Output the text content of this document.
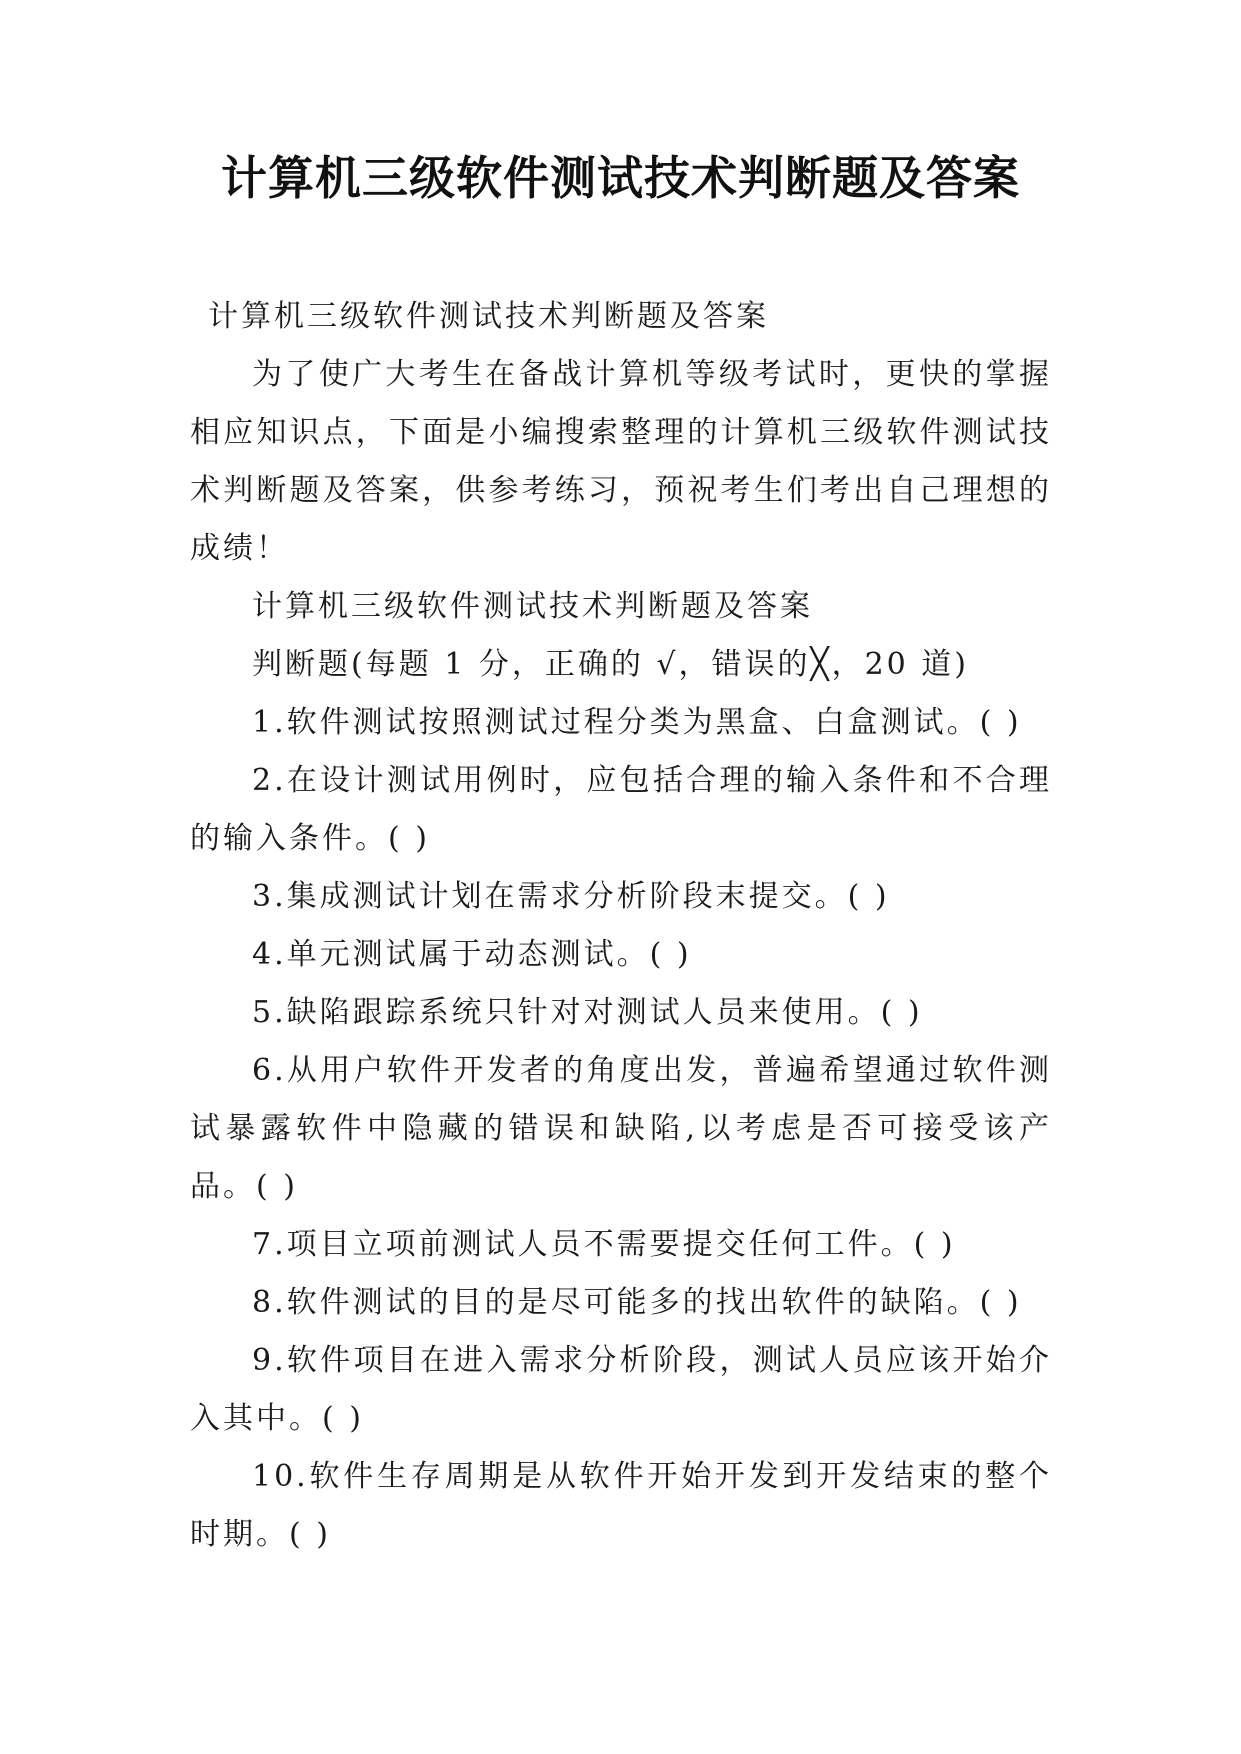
计算机三级软件测试技术判断题及答案

计算机三级软件测试技术判断题及答案

为了使广大考生在备战计算机等级考试时，更快的掌握相应知识点，下面是小编搜索整理的计算机三级软件测试技术判断题及答案，供参考练习，预祝考生们考出自己理想的成绩！

计算机三级软件测试技术判断题及答案

判断题(每题 1 分，正确的 √，错误的╳，20 道)

1.软件测试按照测试过程分类为黑盒、白盒测试。( )

2.在设计测试用例时，应包括合理的输入条件和不合理的输入条件。( )

3.集成测试计划在需求分析阶段末提交。( )

4.单元测试属于动态测试。( )

5.缺陷跟踪系统只针对对测试人员来使用。( )

6.从用户软件开发者的角度出发，普遍希望通过软件测试暴露软件中隐藏的错误和缺陷,以考虑是否可接受该产品。( )

7.项目立项前测试人员不需要提交任何工件。( )

8.软件测试的目的是尽可能多的找出软件的缺陷。( )

9.软件项目在进入需求分析阶段，测试人员应该开始介入其中。( )

10.软件生存周期是从软件开始开发到开发结束的整个时期。( )
